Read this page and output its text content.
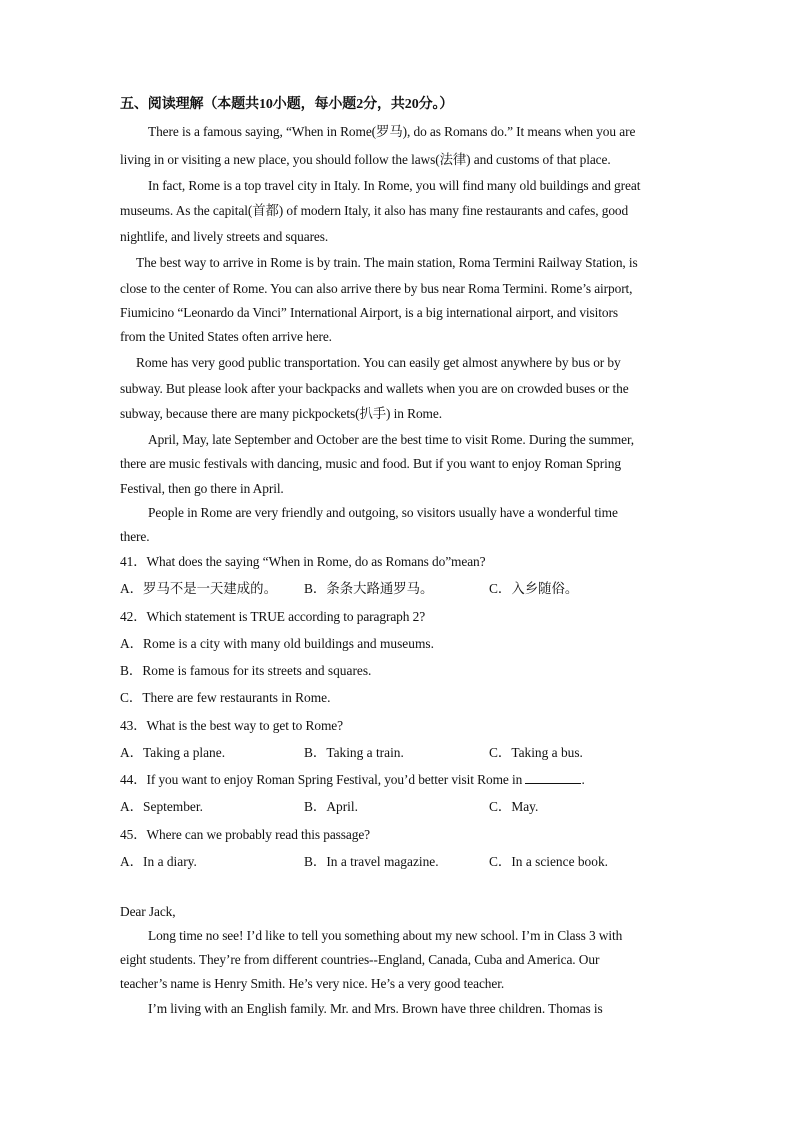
五、阅读理解（本题共10小题，每小题2分，共20分。）
There is a famous saying, “When in Rome(罗马), do as Romans do.” It means when you are
living in or visiting a new place, you should follow the laws(法律) and customs of that place.
In fact, Rome is a top travel city in Italy. In Rome, you will find many old buildings and great
museums. As the capital(首都) of modern Italy, it also has many fine restaurants and cafes, good
nightlife, and lively streets and squares.
The best way to arrive in Rome is by train. The main station, Roma Termini Railway Station, is
close to the center of Rome. You can also arrive there by bus near Roma Termini. Rome’s airport,
Fiumicino “Leonardo da Vinci” International Airport, is a big international airport, and visitors
from the United States often arrive here.
Rome has very good public transportation. You can easily get almost anywhere by bus or by
subway. But please look after your backpacks and wallets when you are on crowded buses or the
subway, because there are many pickpockets(扒手) in Rome.
April, May, late September and October are the best time to visit Rome. During the summer,
there are music festivals with dancing, music and food. But if you want to enjoy Roman Spring
Festival, then go there in April.
People in Rome are very friendly and outgoing, so visitors usually have a wonderful time
there.
41．What does the saying “When in Rome, do as Romans do”mean?
A．罗马不是一天建成的。 B．条条大路通罗马。	C．入乡随俗。
42．Which statement is TRUE according to paragraph 2?
A．Rome is a city with many old buildings and museums.
B．Rome is famous for its streets and squares.
C．There are few restaurants in Rome.
43．What is the best way to get to Rome?
A．Taking a plane.	B．Taking a train.	C．Taking a bus.
44．If you want to enjoy Roman Spring Festival, you’d better visit Rome in	.
A．September.	B．April.	C．May.
45．Where can we probably read this passage?
A．In a diary.	B．In a travel magazine.	C．In a science book.
Dear Jack,
Long time no see! I’d like to tell you something about my new school. I’m in Class 3 with
eight students. They’re from different countries--England, Canada, Cuba and America. Our
teacher’s name is Henry Smith. He’s very nice. He’s a very good teacher.
I’m living with an English family. Mr. and Mrs. Brown have three children. Thomas is
